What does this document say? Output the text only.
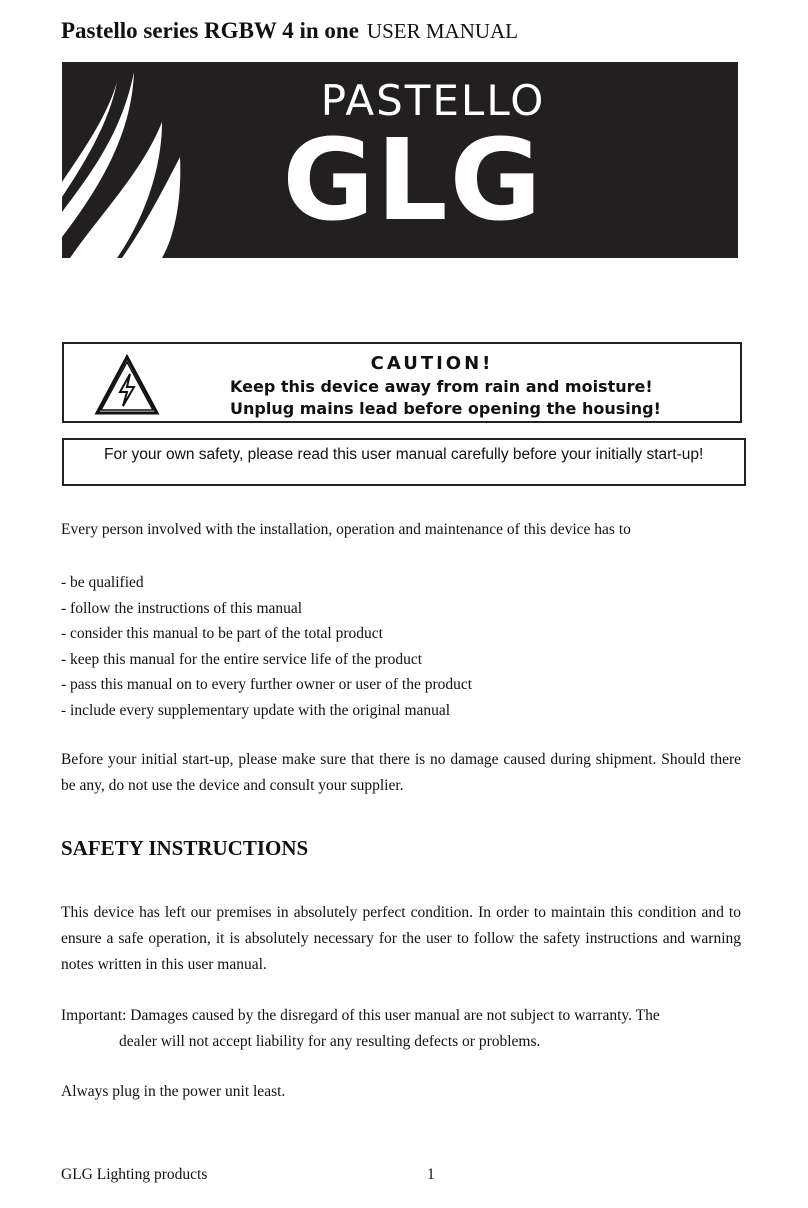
Pastello series RGBW 4 in one USER MANUAL
PASTELLO
GLG
CAUTION!
Keep this device away from rain and moisture!
Unplug mains lead before opening the housing!
For your own safety, please read this user manual carefully before your initially start-up!
Every person involved with the installation, operation and maintenance of this device has to
- be qualified
- follow the instructions of this manual
- consider this manual to be part of the total product
- keep this manual for the entire service life of the product
- pass this manual on to every further owner or user of the product
- include every supplementary update with the original manual
Before your initial start-up, please make sure that there is no damage caused during shipment. Should there be any, do not use the device and consult your supplier.
SAFETY INSTRUCTIONS
This device has left our premises in absolutely perfect condition. In order to maintain this condition and to ensure a safe operation, it is absolutely necessary for the user to follow the safety instructions and warning notes written in this user manual.
Important: Damages caused by the disregard of this user manual are not subject to warranty. The
dealer will not accept liability for any resulting defects or problems.
Always plug in the power unit least.
GLG Lighting products	1
